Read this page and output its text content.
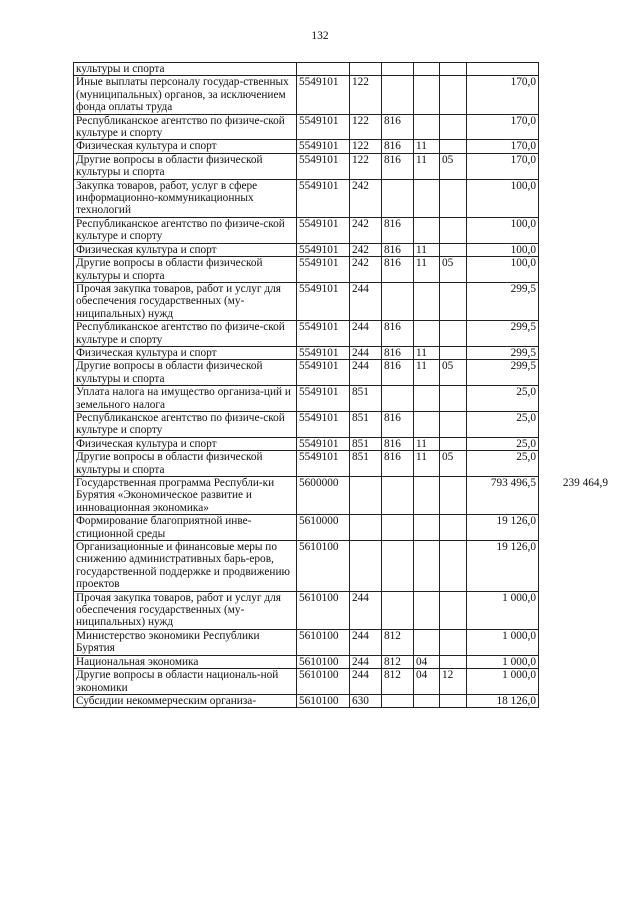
132
культуры и спорта							
Иные выплаты персоналу государ-ственных (муниципальных) органов, за исключением фонда оплаты труда	5549101	122				170,0	
Республиканское агентство по физиче-ской культуре и спорту	5549101	122	816			170,0	
Физическая культура и спорт	5549101	122	816	11		170,0	
Другие вопросы в области физической культуры и спорта	5549101	122	816	11	05	170,0	
Закупка товаров, работ, услуг в сфере информационно-коммуникационных технологий	5549101	242				100,0	
Республиканское агентство по физиче-ской культуре и спорту	5549101	242	816			100,0	
Физическая культура и спорт	5549101	242	816	11		100,0	
Другие вопросы в области физической культуры и спорта	5549101	242	816	11	05	100,0	
Прочая закупка товаров, работ и услуг для обеспечения государственных (му-ниципальных) нужд	5549101	244				299,5	
Республиканское агентство по физиче-ской культуре и спорту	5549101	244	816			299,5	
Физическая культура и спорт	5549101	244	816	11		299,5	
Другие вопросы в области физической культуры и спорта	5549101	244	816	11	05	299,5	
Уплата налога на имущество организа-ций и земельного налога	5549101	851				25,0	
Республиканское агентство по физиче-ской культуре и спорту	5549101	851	816			25,0	
Физическая культура и спорт	5549101	851	816	11		25,0	
Другие вопросы в области физической культуры и спорта	5549101	851	816	11	05	25,0	
Государственная программа Республи-ки Бурятия «Экономическое развитие и инновационная экономика»	5600000					793 496,5	239 464,9
Формирование благоприятной инве-стиционной среды	5610000					19 126,0	
Организационные и финансовые меры по снижению административных барь-еров, государственной поддержке и продвижению проектов	5610100					19 126,0	
Прочая закупка товаров, работ и услуг для обеспечения государственных (му-ниципальных) нужд	5610100	244				1 000,0	
Министерство экономики Республики Бурятия	5610100	244	812			1 000,0	
Национальная экономика	5610100	244	812	04		1 000,0	
Другие вопросы в области националь-ной экономики	5610100	244	812	04	12	1 000,0	
Субсидии некоммерческим организа-	5610100	630				18 126,0	
